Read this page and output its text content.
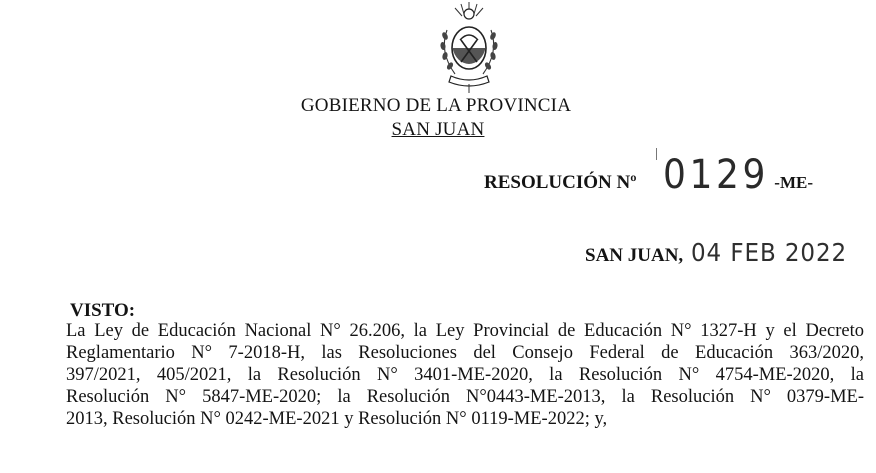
GOBIERNO DE LA PROVINCIA
SAN JUAN
RESOLUCIÓN Nº 0129 -ME-
SAN JUAN, 04 FEB 2022
VISTO:
La Ley de Educación Nacional N° 26.206, la Ley Provincial de Educación N° 1327-H y el Decreto
Reglamentario N° 7-2018-H, las Resoluciones del Consejo Federal de Educación 363/2020,
397/2021, 405/2021, la Resolución N° 3401-ME-2020, la Resolución N° 4754-ME-2020, la
Resolución N° 5847-ME-2020; la Resolución N°0443-ME-2013, la Resolución N° 0379-ME-
2013, Resolución N° 0242-ME-2021 y Resolución N° 0119-ME-2022; y,
